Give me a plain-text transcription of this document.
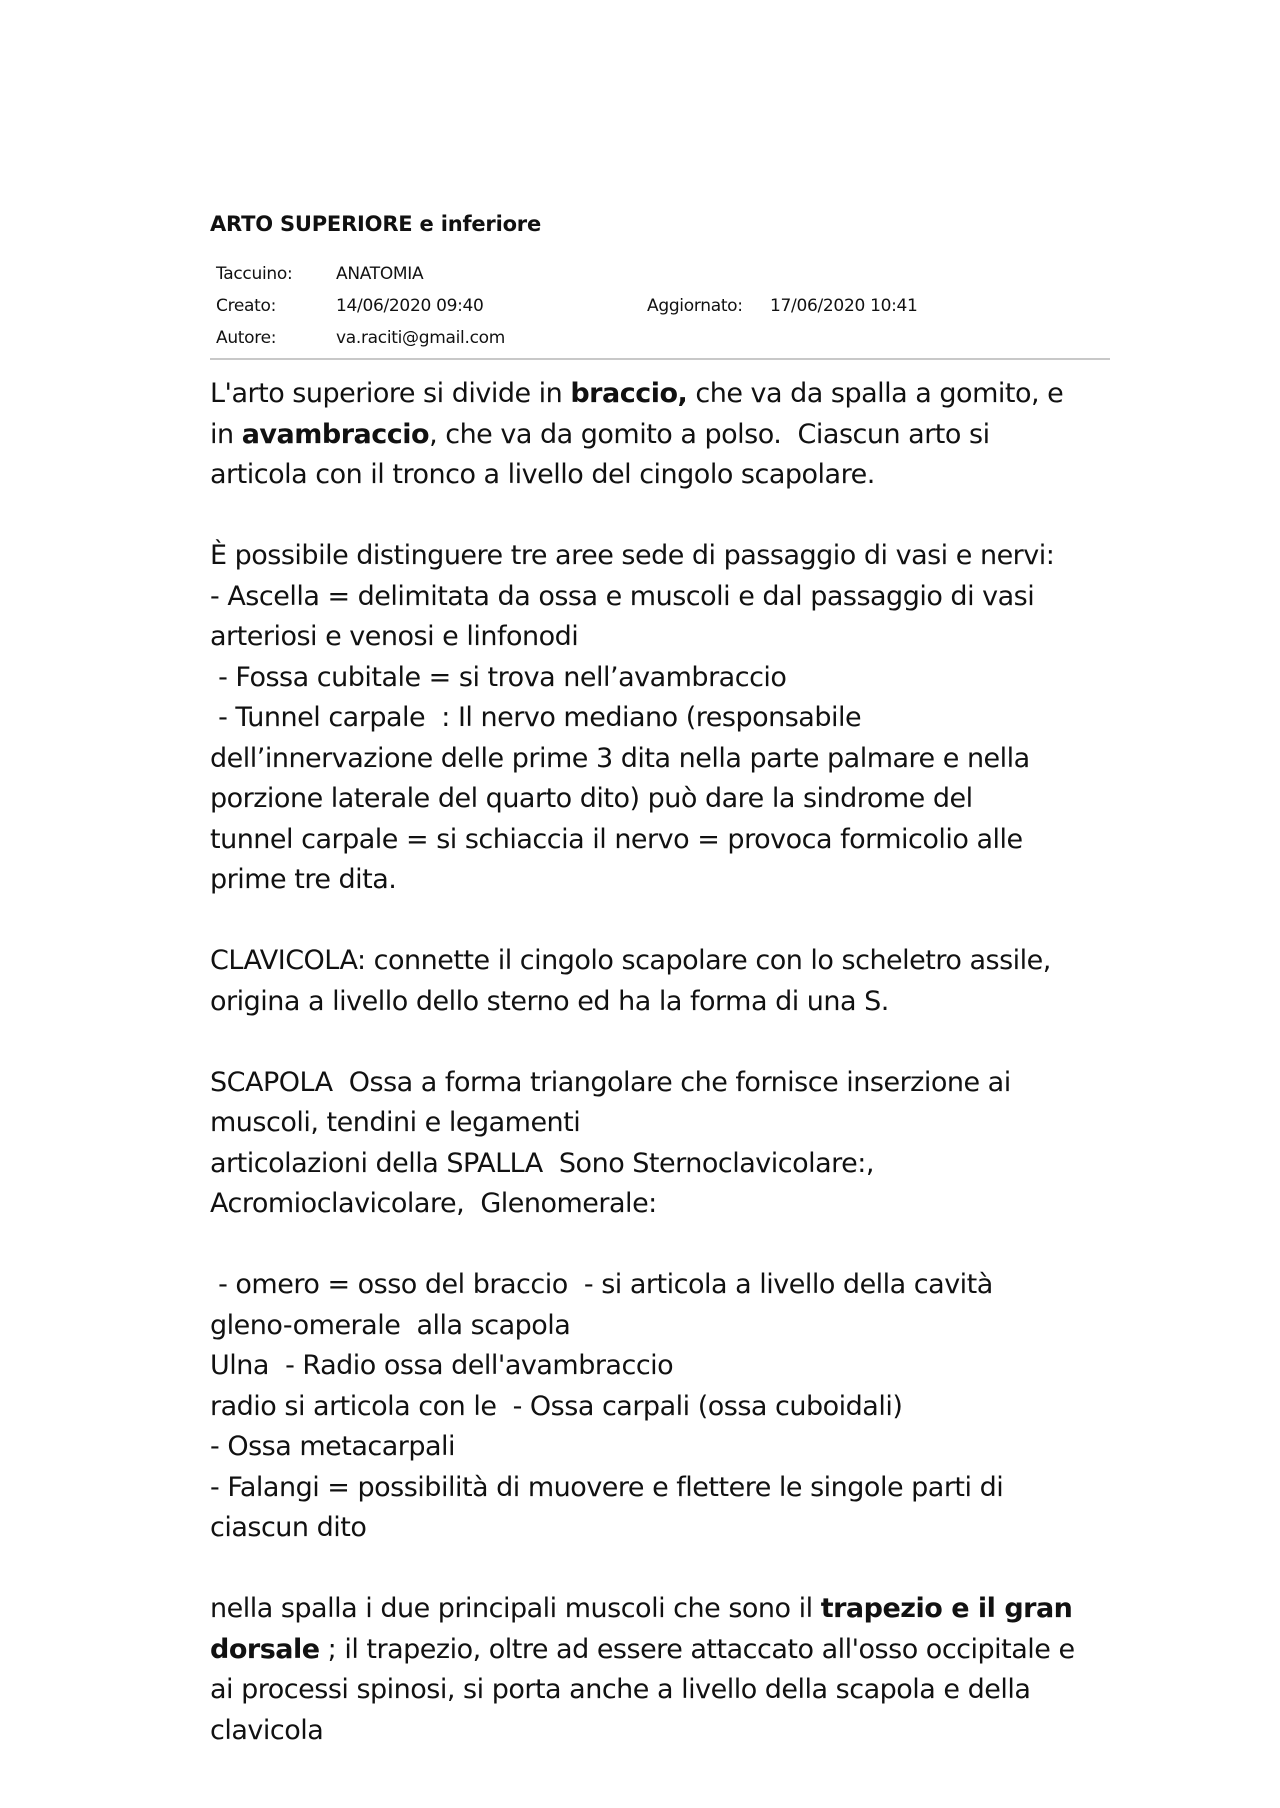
ARTO SUPERIORE e inferiore
Taccuino:	ANATOMIA
Creato:	14/06/2020 09:40	Aggiornato: 17/06/2020 10:41
Autore:	va.raciti@gmail.com
L'arto superiore si divide in braccio, che va da spalla a gomito, e
in avambraccio, che va da gomito a polso.  Ciascun arto si
articola con il tronco a livello del cingolo scapolare.
È possibile distinguere tre aree sede di passaggio di vasi e nervi:
- Ascella = delimitata da ossa e muscoli e dal passaggio di vasi
arteriosi e venosi e linfonodi
- Fossa cubitale = si trova nell’avambraccio
- Tunnel carpale  : Il nervo mediano (responsabile
dell’innervazione delle prime 3 dita nella parte palmare e nella
porzione laterale del quarto dito) può dare la sindrome del
tunnel carpale = si schiaccia il nervo = provoca formicolio alle
prime tre dita.
CLAVICOLA: connette il cingolo scapolare con lo scheletro assile,
origina a livello dello sterno ed ha la forma di una S.
SCAPOLA  Ossa a forma triangolare che fornisce inserzione ai
muscoli, tendini e legamenti
articolazioni della SPALLA  Sono Sternoclavicolare:,
Acromioclavicolare,  Glenomerale:
- omero = osso del braccio  - si articola a livello della cavità
gleno-omerale  alla scapola
Ulna  - Radio ossa dell'avambraccio
radio si articola con le  - Ossa carpali (ossa cuboidali)
- Ossa metacarpali
- Falangi = possibilità di muovere e flettere le singole parti di
ciascun dito
nella spalla i due principali muscoli che sono il trapezio e il gran
dorsale ; il trapezio, oltre ad essere attaccato all'osso occipitale e
ai processi spinosi, si porta anche a livello della scapola e della
clavicola
